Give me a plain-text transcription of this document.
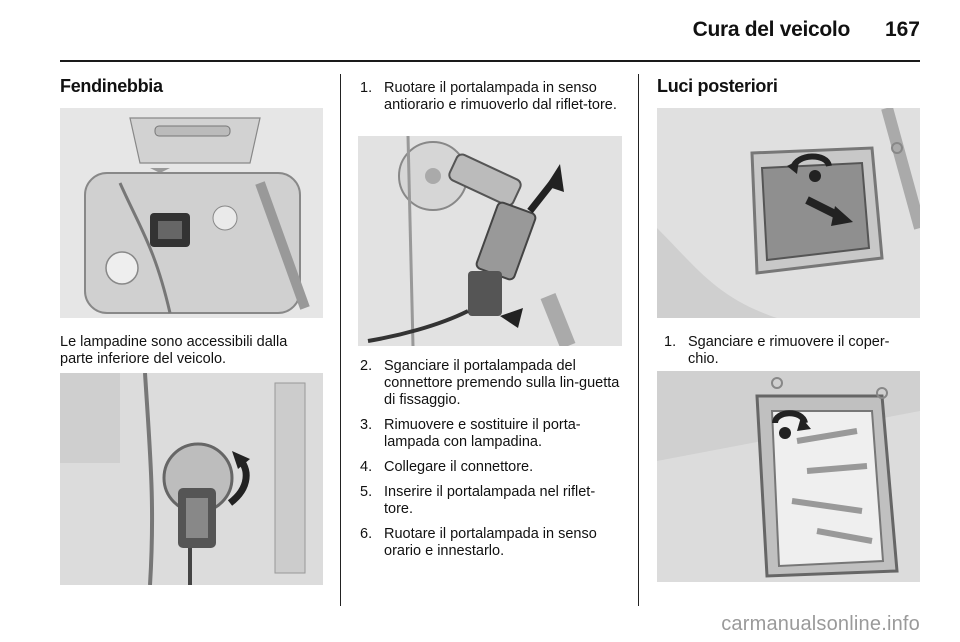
Cura del veicolo 167
Fendinebbia
Le lampadine sono accessibili dalla parte inferiore del veicolo.
1. Ruotare il portalampada in senso antiorario e rimuoverlo dal riflet-tore.
2. Sganciare il portalampada del connettore premendo sulla lin-guetta di fissaggio.
3. Rimuovere e sostituire il porta-lampada con lampadina.
4. Collegare il connettore.
5. Inserire il portalampada nel riflet-tore.
6. Ruotare il portalampada in senso orario e innestarlo.
Luci posteriori
1. Sganciare e rimuovere il coper-chio.
carmanualsonline.info
